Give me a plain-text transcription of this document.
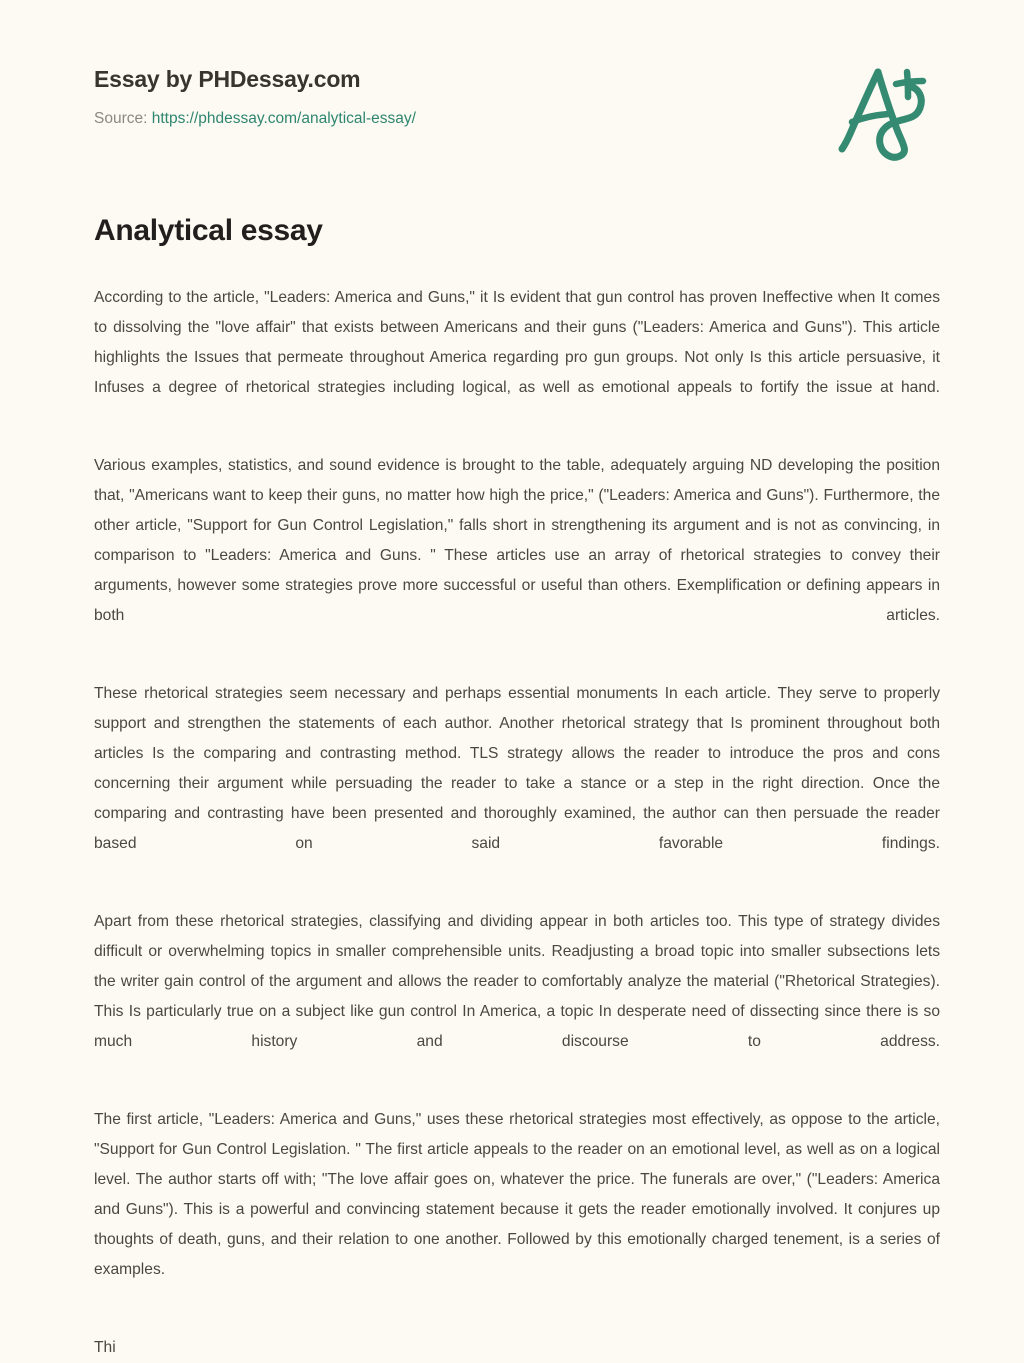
Essay by PHDessay.com
Source: https://phdessay.com/analytical-essay/
Analytical essay

According to the article, "Leaders: America and Guns," it Is evident that gun control has proven Ineffective when It comes to dissolving the "love affair" that exists between Americans and their guns ("Leaders: America and Guns"). This article highlights the Issues that permeate throughout America regarding pro gun groups. Not only Is this article persuasive, it Infuses a degree of rhetorical strategies including logical, as well as emotional appeals to fortify the issue at hand.

Various examples, statistics, and sound evidence is brought to the table, adequately arguing ND developing the position that, "Americans want to keep their guns, no matter how high the price," ("Leaders: America and Guns"). Furthermore, the other article, "Support for Gun Control Legislation," falls short in strengthening its argument and is not as convincing, in comparison to "Leaders: America and Guns. " These articles use an array of rhetorical strategies to convey their arguments, however some strategies prove more successful or useful than others. Exemplification or defining appears in both articles.

These rhetorical strategies seem necessary and perhaps essential monuments In each article. They serve to properly support and strengthen the statements of each author. Another rhetorical strategy that Is prominent throughout both articles Is the comparing and contrasting method. TLS strategy allows the reader to introduce the pros and cons concerning their argument while persuading the reader to take a stance or a step in the right direction. Once the comparing and contrasting have been presented and thoroughly examined, the author can then persuade the reader based on said favorable findings.

Apart from these rhetorical strategies, classifying and dividing appear in both articles too. This type of strategy divides difficult or overwhelming topics in smaller comprehensible units. Readjusting a broad topic into smaller subsections lets the writer gain control of the argument and allows the reader to comfortably analyze the material ("Rhetorical Strategies). This Is particularly true on a subject like gun control In America, a topic In desperate need of dissecting since there is so much history and discourse to address.

The first article, "Leaders: America and Guns," uses these rhetorical strategies most effectively, as oppose to the article, "Support for Gun Control Legislation. " The first article appeals to the reader on an emotional level, as well as on a logical level. The author starts off with; "The love affair goes on, whatever the price. The funerals are over," ("Leaders: America and Guns"). This is a powerful and convincing statement because it gets the reader emotionally involved. It conjures up thoughts of death, guns, and their relation to one another. Followed by this emotionally charged tenement, is a series of examples.

Thi
